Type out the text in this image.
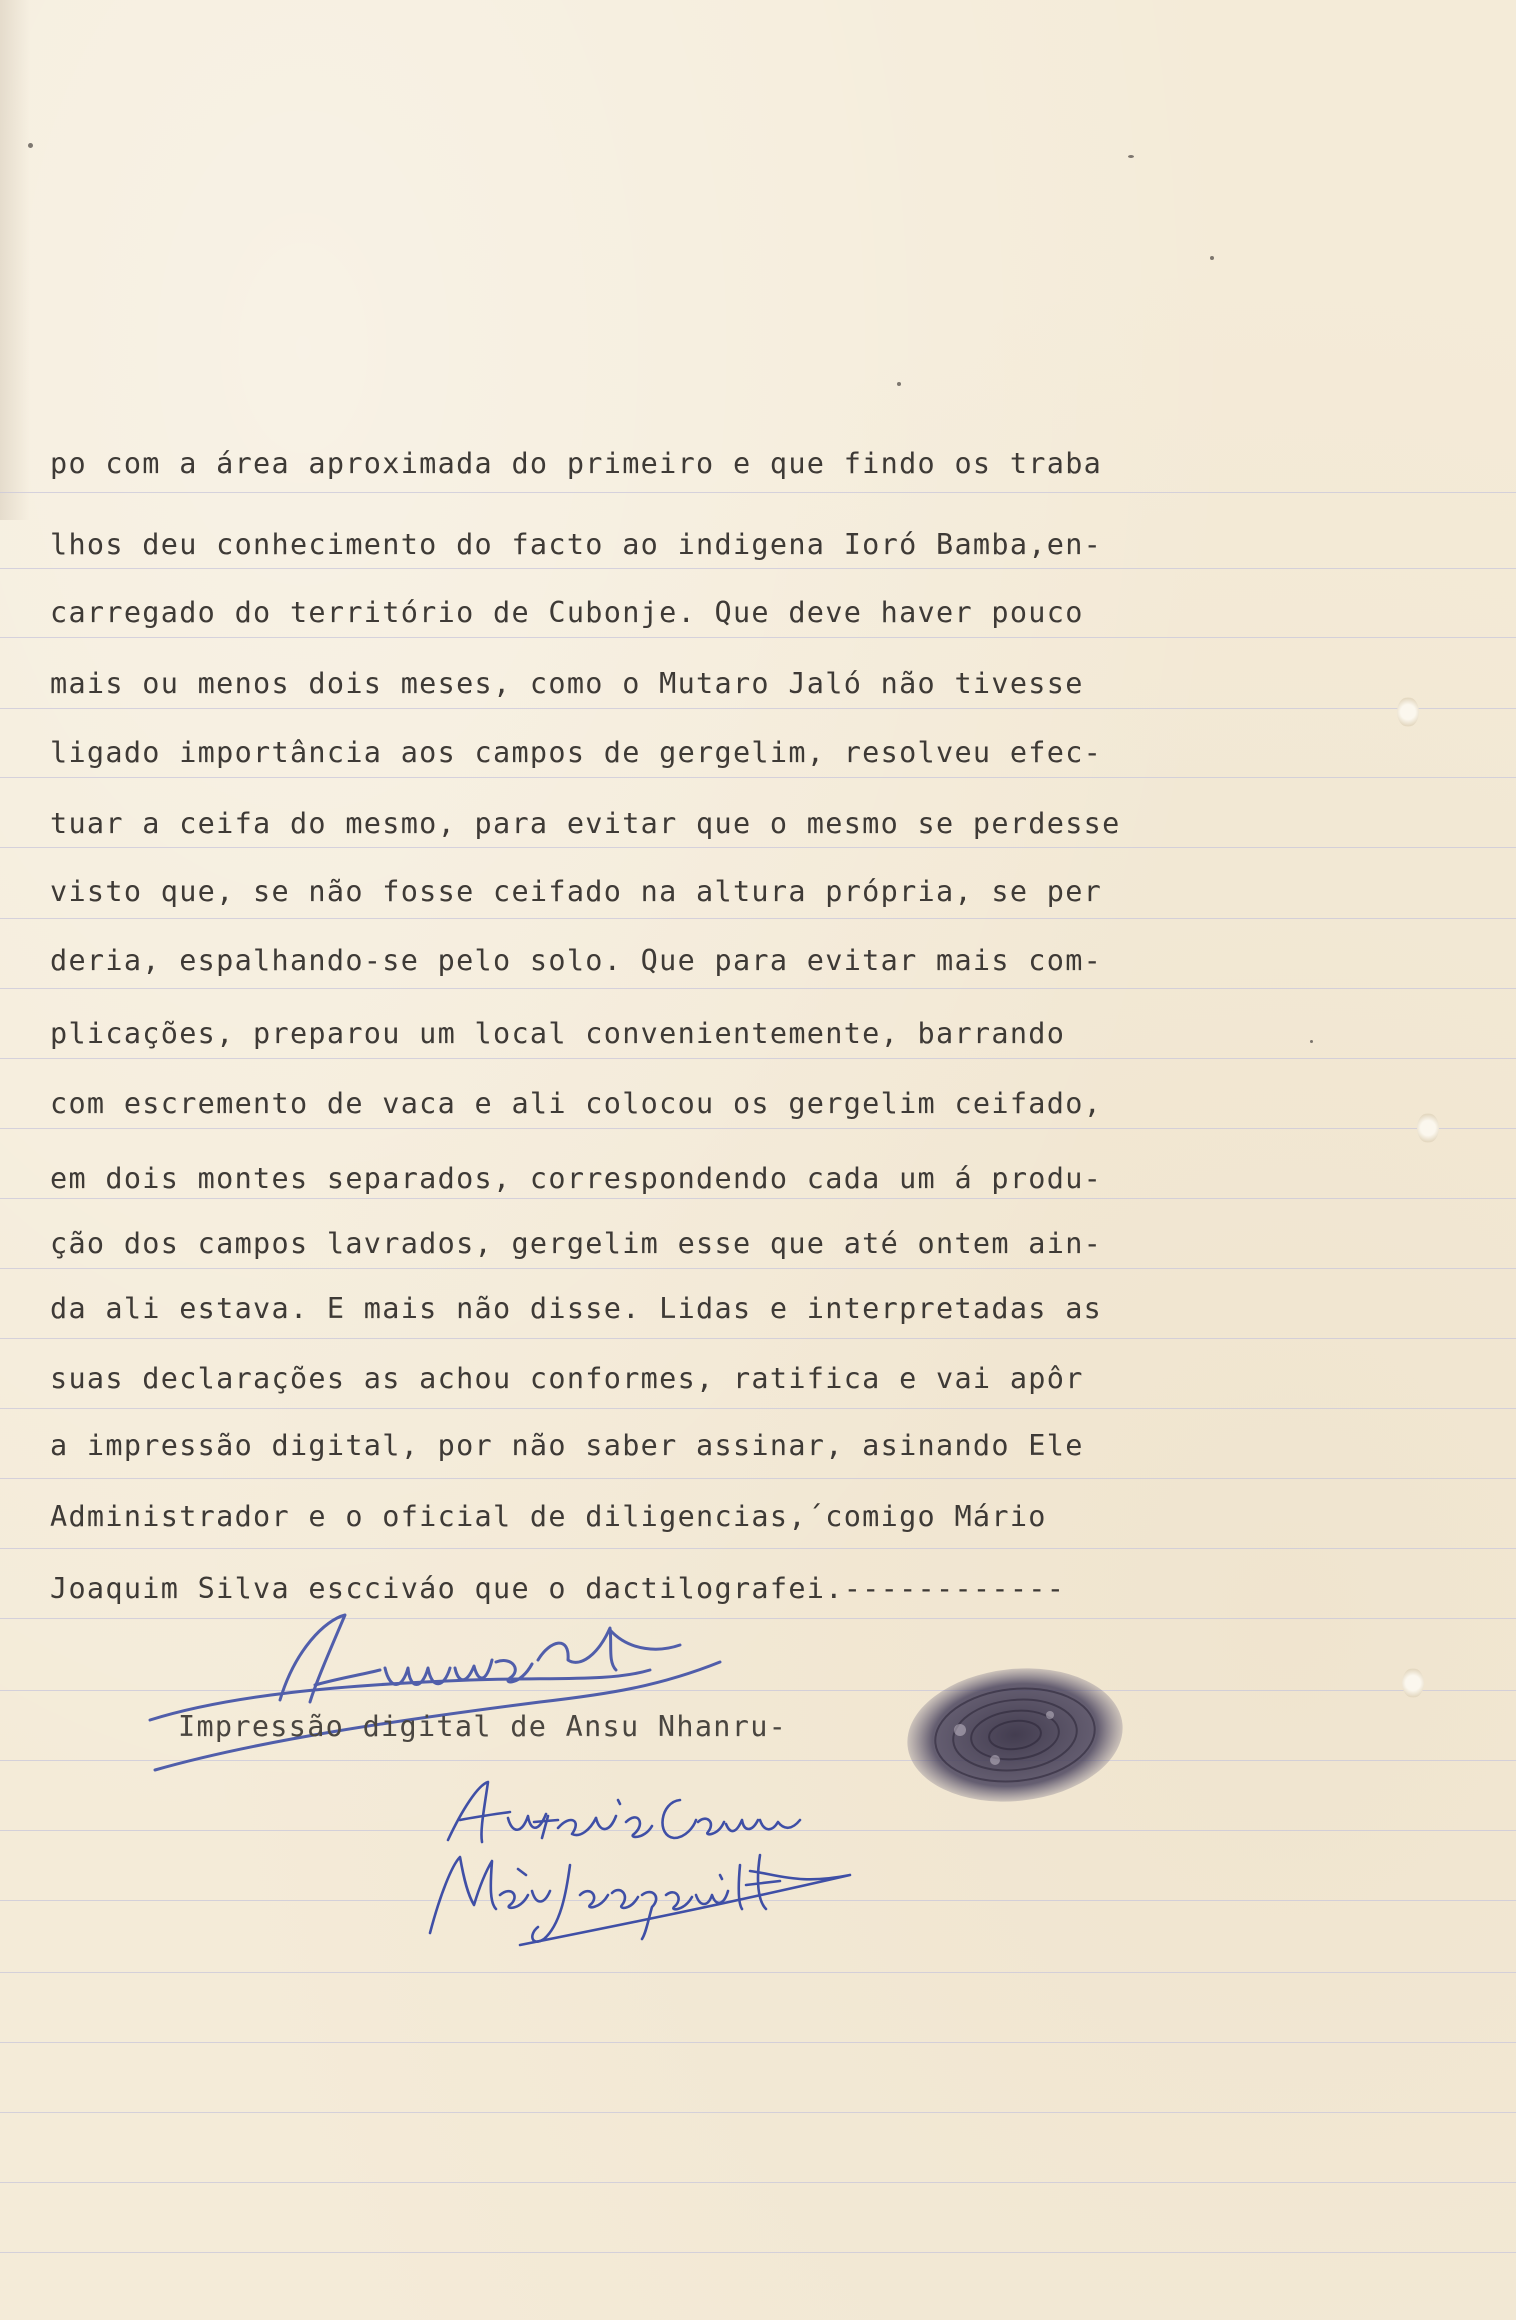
po com a área aproximada do primeiro e que findo os traba
lhos deu conhecimento do facto ao indigena Ioró Bamba,en-
carregado do território de Cubonje. Que deve haver pouco
mais ou menos dois meses, como o Mutaro Jaló não tivesse
ligado importância aos campos de gergelim, resolveu efec-
tuar a ceifa do mesmo, para evitar que o mesmo se perdesse
visto que, se não fosse ceifado na altura própria, se per
deria, espalhando-se pelo solo. Que para evitar mais com-
plicações, preparou um local convenientemente, barrando
com escremento de vaca e ali colocou os gergelim ceifado,
em dois montes separados, correspondendo cada um á produ-
ção dos campos lavrados, gergelim esse que até ontem ain-
da ali estava. E mais não disse. Lidas e interpretadas as
suas declarações as achou conformes, ratifica e vai apôr
a impressão digital, por não saber assinar, asinando Ele
Administrador e o oficial de diligencias,´comigo Mário
Joaquim Silva escciváo que o dactilografei.------------
Impressão digital de Ansu Nhanru-
